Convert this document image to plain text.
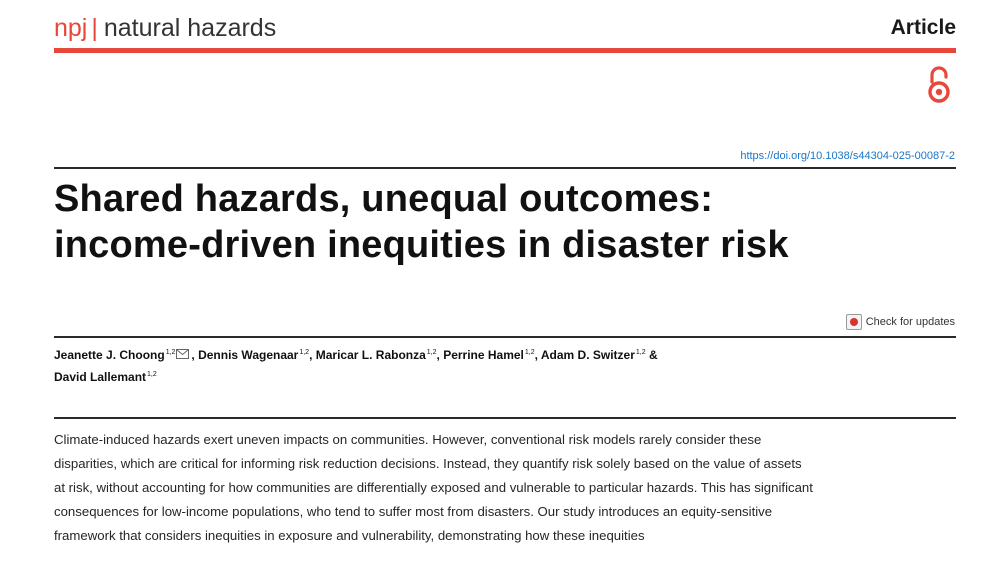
npj | natural hazards	Article
https://doi.org/10.1038/s44304-025-00087-2
Shared hazards, unequal outcomes:
income-driven inequities in disaster risk
Check for updates
Jeanette J. Choong$^{1,2}$ , Dennis Wagenaar$^{1,2}$, Maricar L. Rabonza$^{1,2}$, Perrine Hamel$^{1,2}$, Adam D. Switzer$^{1,2}$ &
David Lallemant$^{1,2}$

Climate-induced hazards exert uneven impacts on communities. However, conventional risk models rarely consider these disparities, which are critical for informing risk reduction decisions. Instead, they quantify risk solely based on the value of assets at risk, without accounting for how communities are differentially exposed and vulnerable to particular hazards. This has significant consequences for low-income populations, who tend to suffer most from disasters. Our study introduces an equity-sensitive framework that considers inequities in exposure and vulnerability, demonstrating how these inequities
